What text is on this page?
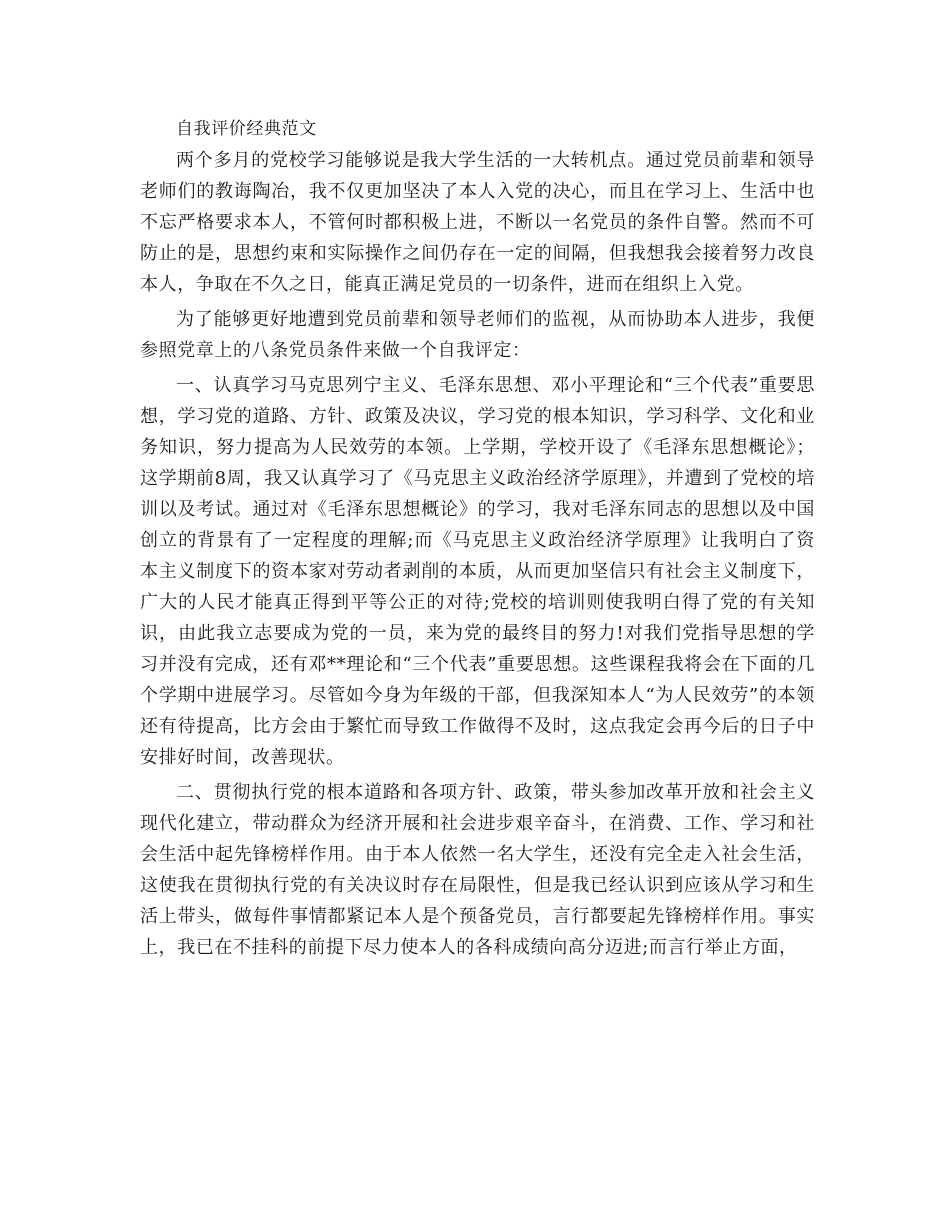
自我评价经典范文

两个多月的党校学习能够说是我大学生活的一大转机点。通过党员前辈和领导老师们的教诲陶冶，我不仅更加坚决了本人入党的决心，而且在学习上、生活中也不忘严格要求本人，不管何时都积极上进，不断以一名党员的条件自警。然而不可防止的是，思想约束和实际操作之间仍存在一定的间隔，但我想我会接着努力改良本人，争取在不久之日，能真正满足党员的一切条件，进而在组织上入党。

为了能够更好地遭到党员前辈和领导老师们的监视，从而协助本人进步，我便参照党章上的八条党员条件来做一个自我评定：

一、认真学习马克思列宁主义、毛泽东思想、邓小平理论和“三个代表”重要思想，学习党的道路、方针、政策及决议，学习党的根本知识，学习科学、文化和业务知识，努力提高为人民效劳的本领。上学期，学校开设了《毛泽东思想概论》；这学期前8周，我又认真学习了《马克思主义政治经济学原理》，并遭到了党校的培训以及考试。通过对《毛泽东思想概论》的学习，我对毛泽东同志的思想以及中国创立的背景有了一定程度的理解;而《马克思主义政治经济学原理》让我明白了资本主义制度下的资本家对劳动者剥削的本质，从而更加坚信只有社会主义制度下，广大的人民才能真正得到平等公正的对待;党校的培训则使我明白得了党的有关知识，由此我立志要成为党的一员，来为党的最终目的努力!对我们党指导思想的学习并没有完成，还有邓**理论和“三个代表”重要思想。这些课程我将会在下面的几个学期中进展学习。尽管如今身为年级的干部，但我深知本人“为人民效劳”的本领还有待提高，比方会由于繁忙而导致工作做得不及时，这点我定会再今后的日子中安排好时间，改善现状。

二、贯彻执行党的根本道路和各项方针、政策，带头参加改革开放和社会主义现代化建立，带动群众为经济开展和社会进步艰辛奋斗，在消费、工作、学习和社会生活中起先锋榜样作用。由于本人依然一名大学生，还没有完全走入社会生活，这使我在贯彻执行党的有关决议时存在局限性，但是我已经认识到应该从学习和生活上带头，做每件事情都紧记本人是个预备党员，言行都要起先锋榜样作用。事实上，我已在不挂科的前提下尽力使本人的各科成绩向高分迈进;而言行举止方面，
